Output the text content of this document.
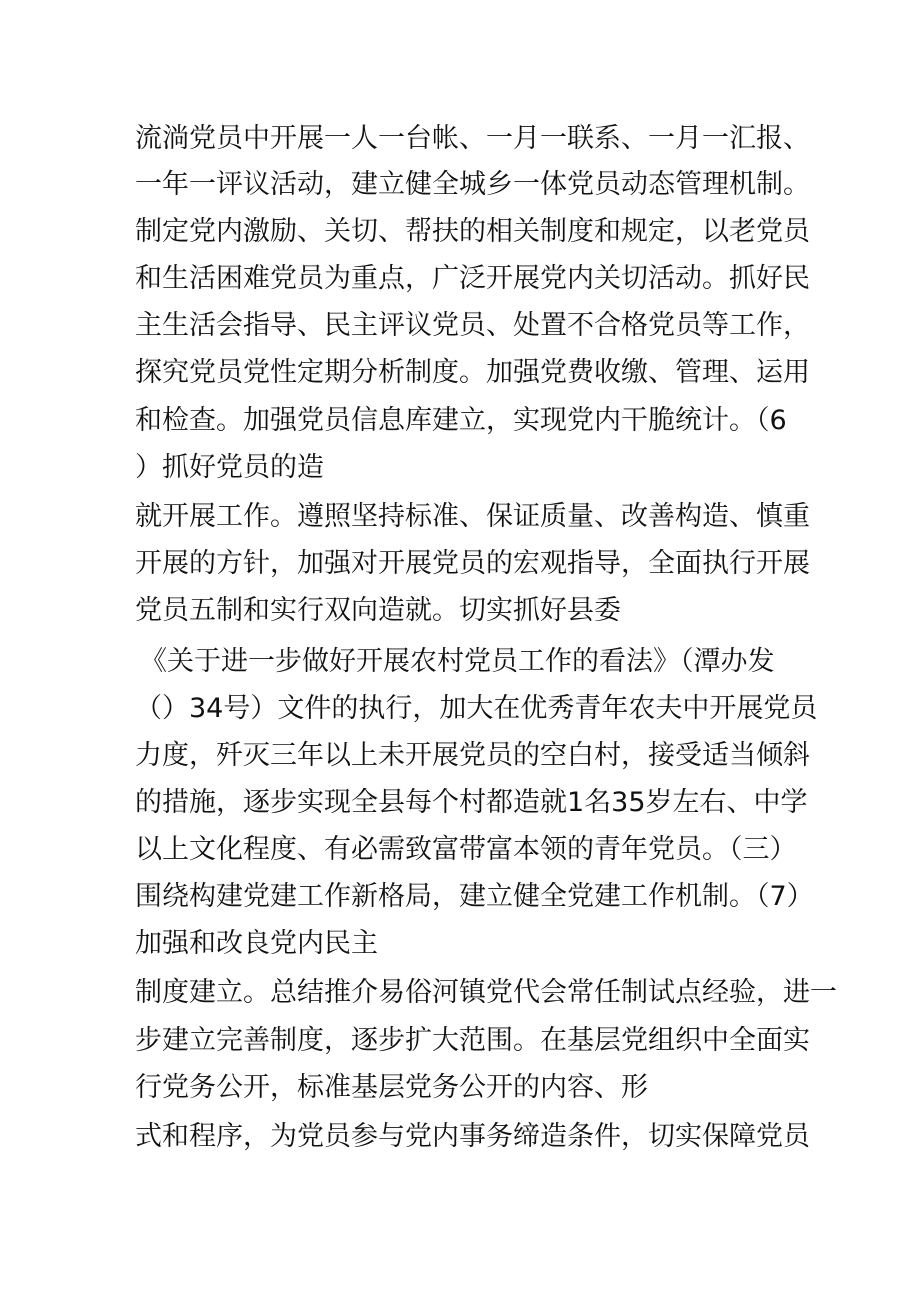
流淌党员中开展一人一台帐、一月一联系、一月一汇报、
一年一评议活动，建立健全城乡一体党员动态管理机制。
制定党内激励、关切、帮扶的相关制度和规定，以老党员
和生活困难党员为重点，广泛开展党内关切活动。抓好民
主生活会指导、民主评议党员、处置不合格党员等工作，
探究党员党性定期分析制度。加强党费收缴、管理、运用
和检查。加强党员信息库建立，实现党内干脆统计。（6
）抓好党员的造
就开展工作。遵照坚持标准、保证质量、改善构造、慎重
开展的方针，加强对开展党员的宏观指导，全面执行开展
党员五制和实行双向造就。切实抓好县委
《关于进一步做好开展农村党员工作的看法》（潭办发
（）34号）文件的执行，加大在优秀青年农夫中开展党员
力度，歼灭三年以上未开展党员的空白村，接受适当倾斜
的措施，逐步实现全县每个村都造就1名35岁左右、中学
以上文化程度、有必需致富带富本领的青年党员。（三）
围绕构建党建工作新格局，建立健全党建工作机制。（7）
加强和改良党内民主
制度建立。总结推介易俗河镇党代会常任制试点经验，进一
步建立完善制度，逐步扩大范围。在基层党组织中全面实
行党务公开，标准基层党务公开的内容、形
式和程序，为党员参与党内事务缔造条件，切实保障党员
